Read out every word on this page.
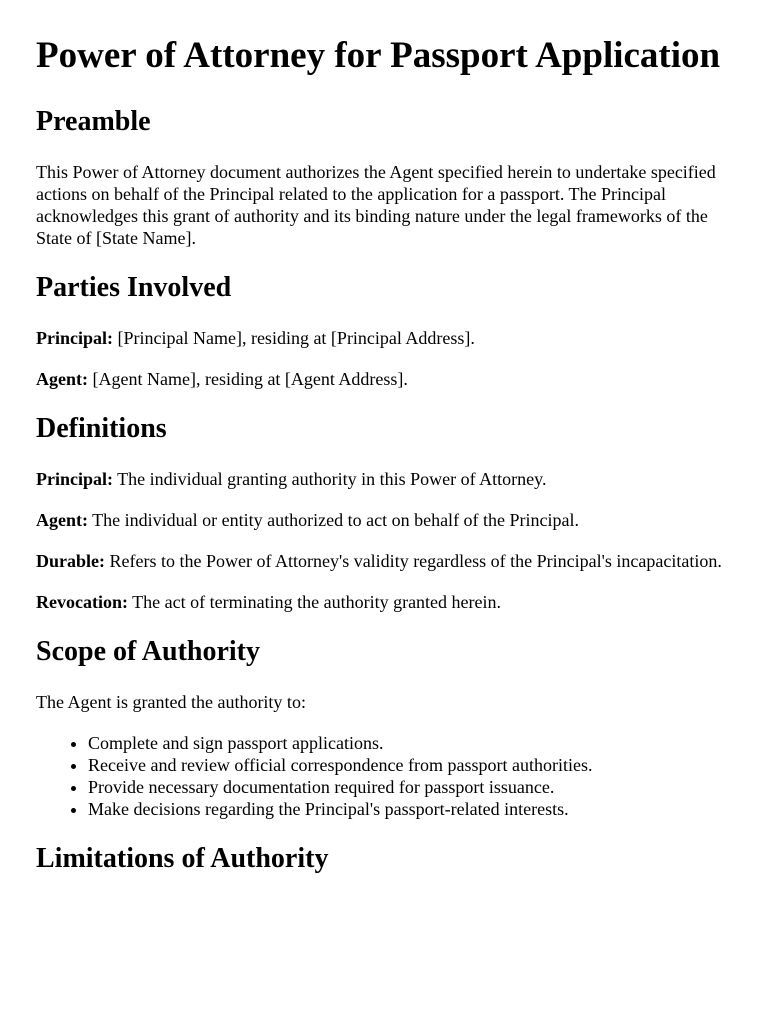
Power of Attorney for Passport Application
Preamble

This Power of Attorney document authorizes the Agent specified herein to undertake specified actions on behalf of the Principal related to the application for a passport. The Principal acknowledges this grant of authority and its binding nature under the legal frameworks of the State of [State Name].

Parties Involved

Principal: [Principal Name], residing at [Principal Address].

Agent: [Agent Name], residing at [Agent Address].

Definitions

Principal: The individual granting authority in this Power of Attorney.

Agent: The individual or entity authorized to act on behalf of the Principal.

Durable: Refers to the Power of Attorney's validity regardless of the Principal's incapacitation.

Revocation: The act of terminating the authority granted herein.

Scope of Authority

The Agent is granted the authority to:

• Complete and sign passport applications.
• Receive and review official correspondence from passport authorities.
• Provide necessary documentation required for passport issuance.
• Make decisions regarding the Principal's passport-related interests.
Limitations of Authority
